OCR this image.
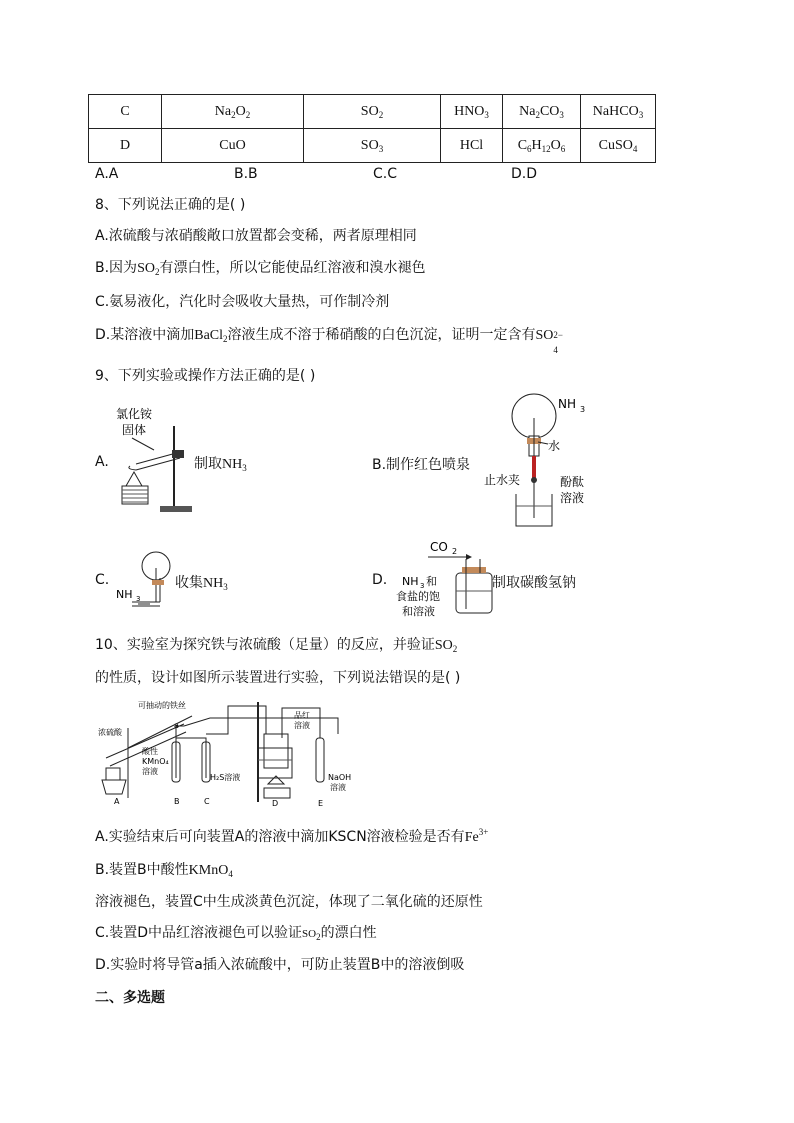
C	$Na_2O_2$	$SO_2$	$HNO_3$	$Na_2CO_3$	NaHCO$_3$
D	CuO	$SO_3$	HCl	$C_6H_{12}O_6$	CuSO$_4$
A.A	B.B	C.C	D.D
8、下列说法正确的是( )
A.浓硫酸与浓硝酸敞口放置都会变稀，两者原理相同
B.因为$SO_2$有漂白性，所以它能使品红溶液和溴水褪色
C.氨易液化，汽化时会吸收大量热，可作制冷剂
D.某溶液中滴加BaCl$_2$溶液生成不溶于稀硝酸的白色沉淀，证明一定含有SO 2−
4
9、下列实验或操作方法正确的是( )
氯化铵
固体
A.	制取$NH_3$
NH 3
水
止水夹	酚酞
溶液
B.制作红色喷泉
NH 3
C.	收集$NH_3$
CO 2
NH 3 和
食盐的饱
和溶液
D.	制取碳酸氢钠
10、实验室为探究铁与浓硫酸（足量）的反应，并验证$SO_2$
的性质，设计如图所示装置进行实验，下列说法错误的是( )
可抽动的铁丝
浓硫酸
a
酸性
KMnO₄
溶液
H₂S溶液
品红
溶液
NaOH
溶液
A	B	C	D	E
A.实验结束后可向装置A的溶液中滴加KSCN溶液检验是否有$Fe^{3+}$
B.装置B中酸性KMnO$_4$
溶液褪色，装置C中生成淡黄色沉淀，体现了二氧化硫的还原性
C.装置D中品红溶液褪色可以验证$SO_2$的漂白性
D.实验时将导管a插入浓硫酸中，可防止装置B中的溶液倒吸
二、多选题
